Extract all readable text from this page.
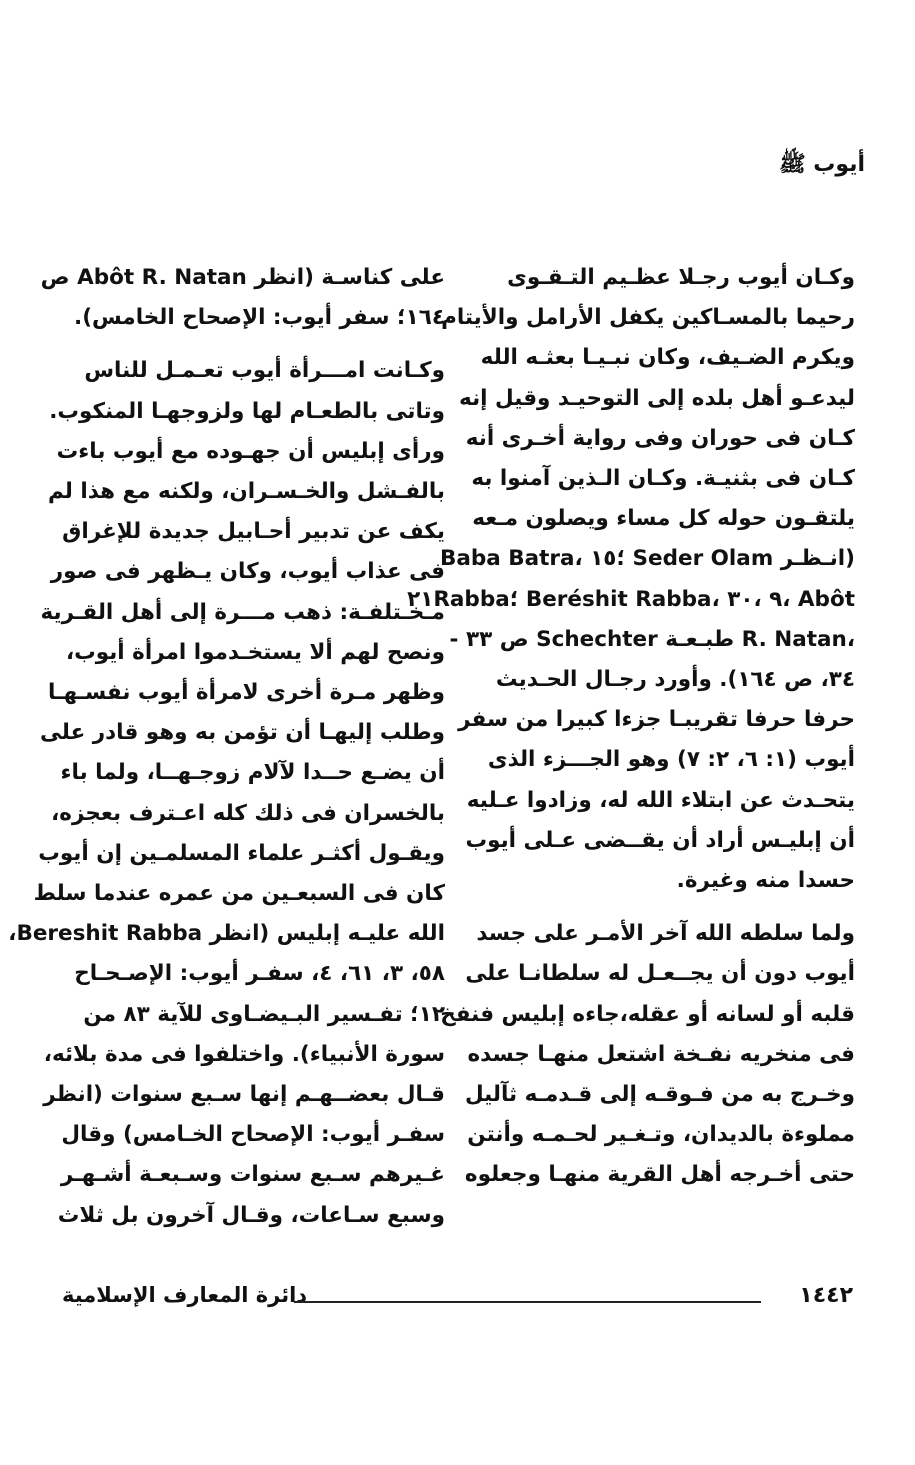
أيوب ﷺ

وكـان أيوب رجـلا عظـيم التـقـوى
رحيما بالمسـاكين يكفل الأرامل والأيتام
ويكرم الضـيف، وكان نبـيـا بعثـه الله
ليدعـو أهل بلده إلى التوحيـد وقيل إنه
كـان فى حوران وفى رواية أخـرى أنه
كـان فى بثنيـة. وكـان الـذين آمنوا به
يلتقـون حوله كل مساء ويصلون مـعه
(انـظـر Seder Olam ؛١٥ ،Baba Batra
Abôt ،٩ ،٣٠ ،Beréshit Rabba ؛٢١Rabba
،R. Natan طبـعـة Schechter ص ٣٣ -
٣٤، ص ١٦٤). وأورد رجـال الحـديث
حرفا حرفا تقريبـا جزءا كبيرا من سفر
أيوب (١: ٦، ٢: ٧) وهو الجـــزء الذى
يتحـدث عن ابتلاء الله له، وزادوا عـليه
أن إبليـس أراد أن يقــضى عـلى أيوب
حسدا منه وغيرة.

ولما سلطه الله آخر الأمـر على جسد
أيوب دون أن يجــعـل له سلطانـا على
قلبه أو لسانه أو عقله،جاءه إبليس فنفخ
فى منخريه نفـخة اشتعل منهـا جسده
وخـرج به من فـوقـه إلى قـدمـه ثآليل
مملوءة بالديدان، وتـغـير لحـمـه وأنتن
حتى أخـرجه أهل القرية منهـا وجعلوه

على كناسـة (انظر Abôt R. Natan ص
١٦٤؛ سفر أيوب: الإصحاح الخامس).

وكـانت امـــرأة أيوب تعـمـل للناس
وتاتى بالطعـام لها ولزوجهـا المنكوب.
ورأى إبليس أن جهـوده مع أيوب باءت
بالفـشل والخـسـران، ولكنه مع هذا لم
يكف عن تدبير أحـابيل جديدة للإغراق
فى عذاب أيوب، وكان يـظهر فى صور
مـخـتلفـة: ذهب مـــرة إلى أهل القـرية
ونصح لهم ألا يستخـدموا امرأة أيوب،
وظهر مـرة أخرى لامرأة أيوب نفسـهـا
وطلب إليهـا أن تؤمن به وهو قادر على
أن يضـع حــدا لآلام زوجـهــا، ولما باء
بالخسران فى ذلك كله اعـترف بعجزه،
ويقـول أكثـر علماء المسلمـين إن أيوب
كان فى السبعـين من عمره عندما سلط
الله عليـه إبليس (انظر Bereshit Rabba،
٥٨، ٣، ٦١، ٤، سفـر أيوب: الإصـحـاح
١٢؛ تفـسير البـيضـاوى للآية ٨٣ من
سورة الأنبياء). واختلفوا فى مدة بلائه،
قـال بعضــهـم إنها سـبع سنوات (انظر
سفـر أيوب: الإصحاح الخـامس) وقال
غـيرهم سـبع سنوات وسـبعـة أشـهـر
وسبع سـاعات، وقـال آخرون بل ثلاث

دائرة المعارف الإسلامية	١٤٤٢
